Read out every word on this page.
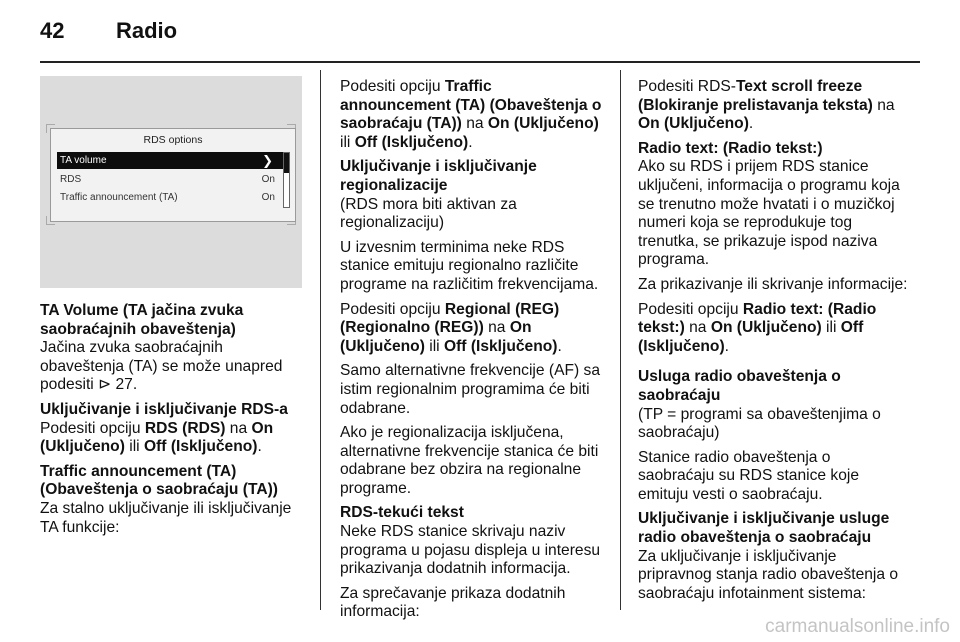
42 Radio
RDS options
TA volume	❯
RDS	On
Traffic announcement (TA)	On
TA Volume (TA jačina zvuka saobraćajnih obaveštenja)

Jačina zvuka saobraćajnih obaveštenja (TA) se može unapred podesiti ⊳ 27.

Uključivanje i isključivanje RDS-a

Podesiti opciju RDS (RDS) na On (Uključeno) ili Off (Isključeno).

Traffic announcement (TA) (Obaveštenja o saobraćaju (TA))

Za stalno uključivanje ili isključivanje TA funkcije:

Podesiti opciju Traffic announcement (TA) (Obaveštenja o saobraćaju (TA)) na On (Uključeno) ili Off (Isključeno).

Uključivanje i isključivanje regionalizacije

(RDS mora biti aktivan za regionalizaciju)

U izvesnim terminima neke RDS stanice emituju regionalno različite programe na različitim frekvencijama.

Podesiti opciju Regional (REG) (Regionalno (REG)) na On (Uključeno) ili Off (Isključeno).

Samo alternativne frekvencije (AF) sa istim regionalnim programima će biti odabrane.

Ako je regionalizacija isključena, alternativne frekvencije stanica će biti odabrane bez obzira na regionalne programe.

RDS-tekući tekst

Neke RDS stanice skrivaju naziv programa u pojasu displeja u interesu prikazivanja dodatnih informacija.

Za sprečavanje prikaza dodatnih informacija:

Podesiti RDS-Text scroll freeze (Blokiranje prelistavanja teksta) na On (Uključeno).

Radio text: (Radio tekst:)

Ako su RDS i prijem RDS stanice uključeni, informacija o programu koja se trenutno može hvatati i o muzičkoj numeri koja se reprodukuje tog trenutka, se prikazuje ispod naziva programa.

Za prikazivanje ili skrivanje informacije:

Podesiti opciju Radio text: (Radio tekst:) na On (Uključeno) ili Off (Isključeno).

Usluga radio obaveštenja o saobraćaju

(TP = programi sa obaveštenjima o saobraćaju)

Stanice radio obaveštenja o saobraćaju su RDS stanice koje emituju vesti o saobraćaju.

Uključivanje i isključivanje usluge radio obaveštenja o saobraćaju

Za uključivanje i isključivanje pripravnog stanja radio obaveštenja o saobraćaju infotainment sistema:

carmanualsonline.info
